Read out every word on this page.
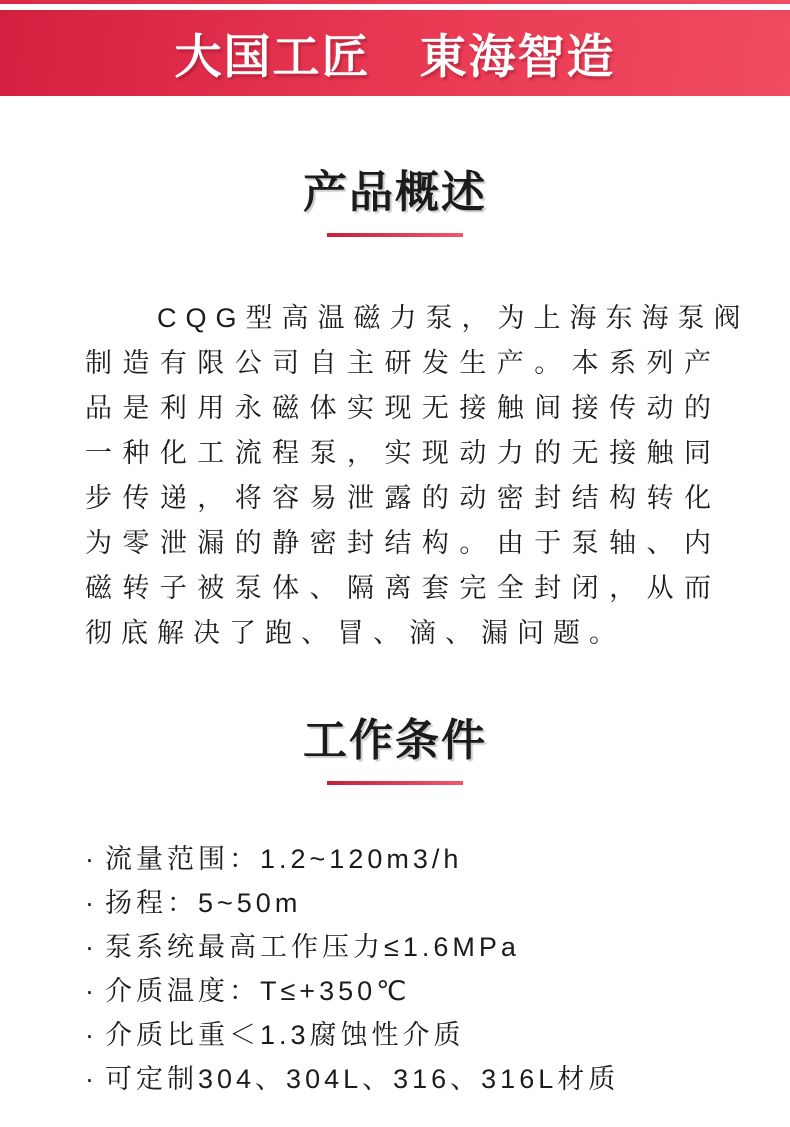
大国工匠　東海智造
产品概述

CQG型高温磁力泵，为上海东海泵阀

制造有限公司自主研发生产。本系列产

品是利用永磁体实现无接触间接传动的

一种化工流程泵，实现动力的无接触同

步传递，将容易泄露的动密封结构转化

为零泄漏的静密封结构。由于泵轴、内

磁转子被泵体、隔离套完全封闭，从而

彻底解决了跑、冒、滴、漏问题。

工作条件
· 流量范围：1.2~120m3/h
· 扬程：5~50m
· 泵系统最高工作压力≤1.6MPa
· 介质温度：T≤+350℃
· 介质比重＜1.3腐蚀性介质
· 可定制304、304L、316、316L材质
